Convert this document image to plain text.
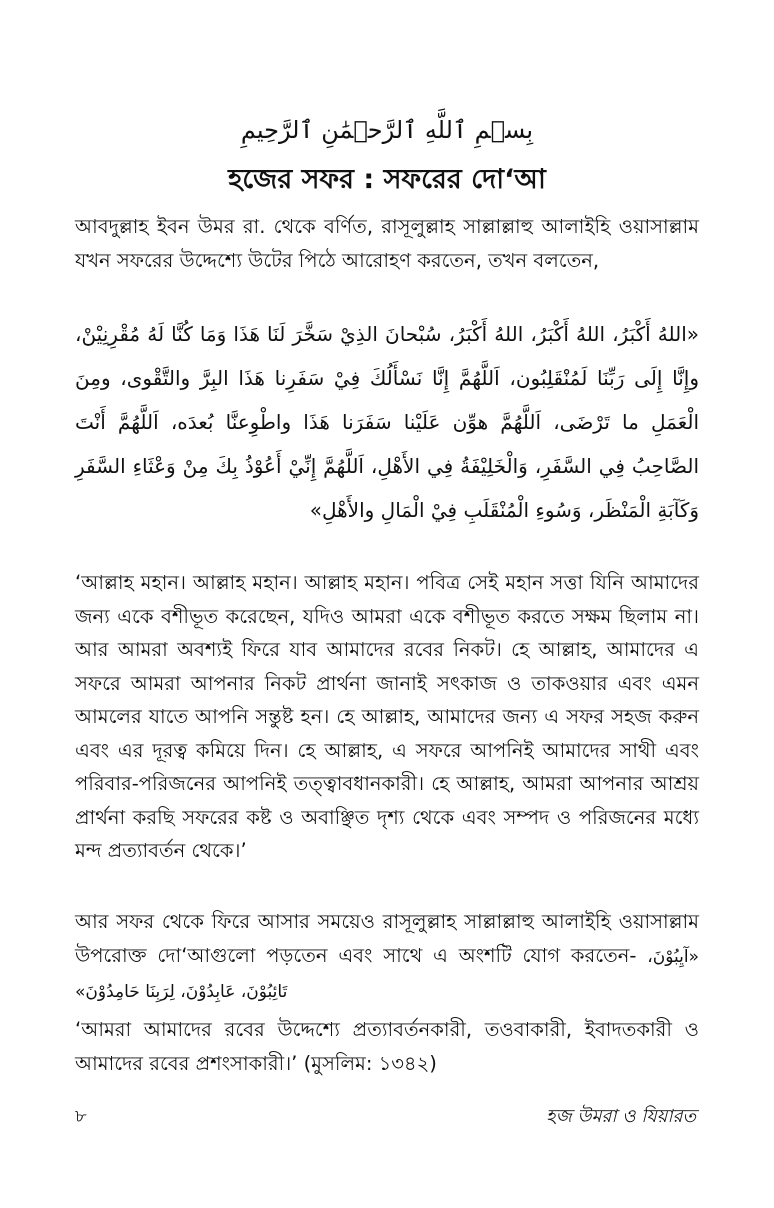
بِسۡمِ ٱللَّهِ ٱلرَّحۡمَٰنِ ٱلرَّحِيمِ
হজের সফর : সফরের দো‘আ

আবদুল্লাহ ইবন উমর রা. থেকে বর্ণিত, রাসূলুল্লাহ সাল্লাল্লাহু আলাইহি ওয়াসাল্লাম যখন সফরের উদ্দেশ্যে উটের পিঠে আরোহণ করতেন, তখন বলতেন,

«اللهُ أَكْبَرُ، اللهُ أَكْبَرُ، اللهُ أَكْبَرُ، سُبْحانَ الذِيْ سَخَّرَ لَنَا هَذَا وَمَا كُنَّا لَهُ مُقْرِنِيْنْ، وإِنَّا إِلَى رَبِّنَا لَمُنْقَلِبُون، اَللَّهُمَّ إِنَّا نَسْأَلُكَ فِيْ سَفَرِنا هَذَا البِرَّ والتَّقْوى، ومِنَ الْعَمَلِ ما تَرْضَى، اَللَّهُمَّ هوِّن عَلَيْنا سَفَرَنا هَذَا واطْوِعنَّا بُعدَه، اَللَّهُمَّ أَنْتَ الصَّاحِبُ فِي السَّفَرِ، وَالْخَلِيْفَةُ فِي الأَهْلِ، اَللَّهُمَّ إِنِّيْ أَعُوْذُ بِكَ مِنْ وَعْثَاءِ السَّفَرِ وَكَآبَةِ الْمَنْظَر، وَسُوءِ الْمُنْقَلَبِ فِيْ الْمَالِ والأَهْلِ»

‘আল্লাহ মহান। আল্লাহ মহান। আল্লাহ মহান। পবিত্র সেই মহান সত্তা যিনি আমাদের জন্য একে বশীভূত করেছেন, যদিও আমরা একে বশীভূত করতে সক্ষম ছিলাম না। আর আমরা অবশ্যই ফিরে যাব আমাদের রবের নিকট। হে আল্লাহ, আমাদের এ সফরে আমরা আপনার নিকট প্রার্থনা জানাই সৎকাজ ও তাকওয়ার এবং এমন আমলের যাতে আপনি সন্তুষ্ট হন। হে আল্লাহ, আমাদের জন্য এ সফর সহজ করুন এবং এর দূরত্ব কমিয়ে দিন। হে আল্লাহ, এ সফরে আপনিই আমাদের সাথী এবং পরিবার-পরিজনের আপনিই তত্ত্বাবধানকারী। হে আল্লাহ, আমরা আপনার আশ্রয় প্রার্থনা করছি সফরের কষ্ট ও অবাঞ্ছিত দৃশ্য থেকে এবং সম্পদ ও পরিজনের মধ্যে মন্দ প্রত্যাবর্তন থেকে।’

আর সফর থেকে ফিরে আসার সময়েও রাসূলুল্লাহ সাল্লাল্লাহু আলাইহি ওয়াসাল্লাম উপরোক্ত দো‘আগুলো পড়তেন এবং সাথে এ অংশটি যোগ করতেন- «آيِبُوْنَ، تَائِبُوْنَ، عَابِدُوْنَ، لِرَبِنَا حَامِدُوْنَ»

‘আমরা আমাদের রবের উদ্দেশ্যে প্রত্যাবর্তনকারী, তওবাকারী, ইবাদতকারী ও আমাদের রবের প্রশংসাকারী।’ (মুসলিম: ১৩৪২)

৮	হজ উমরা ও যিয়ারত
